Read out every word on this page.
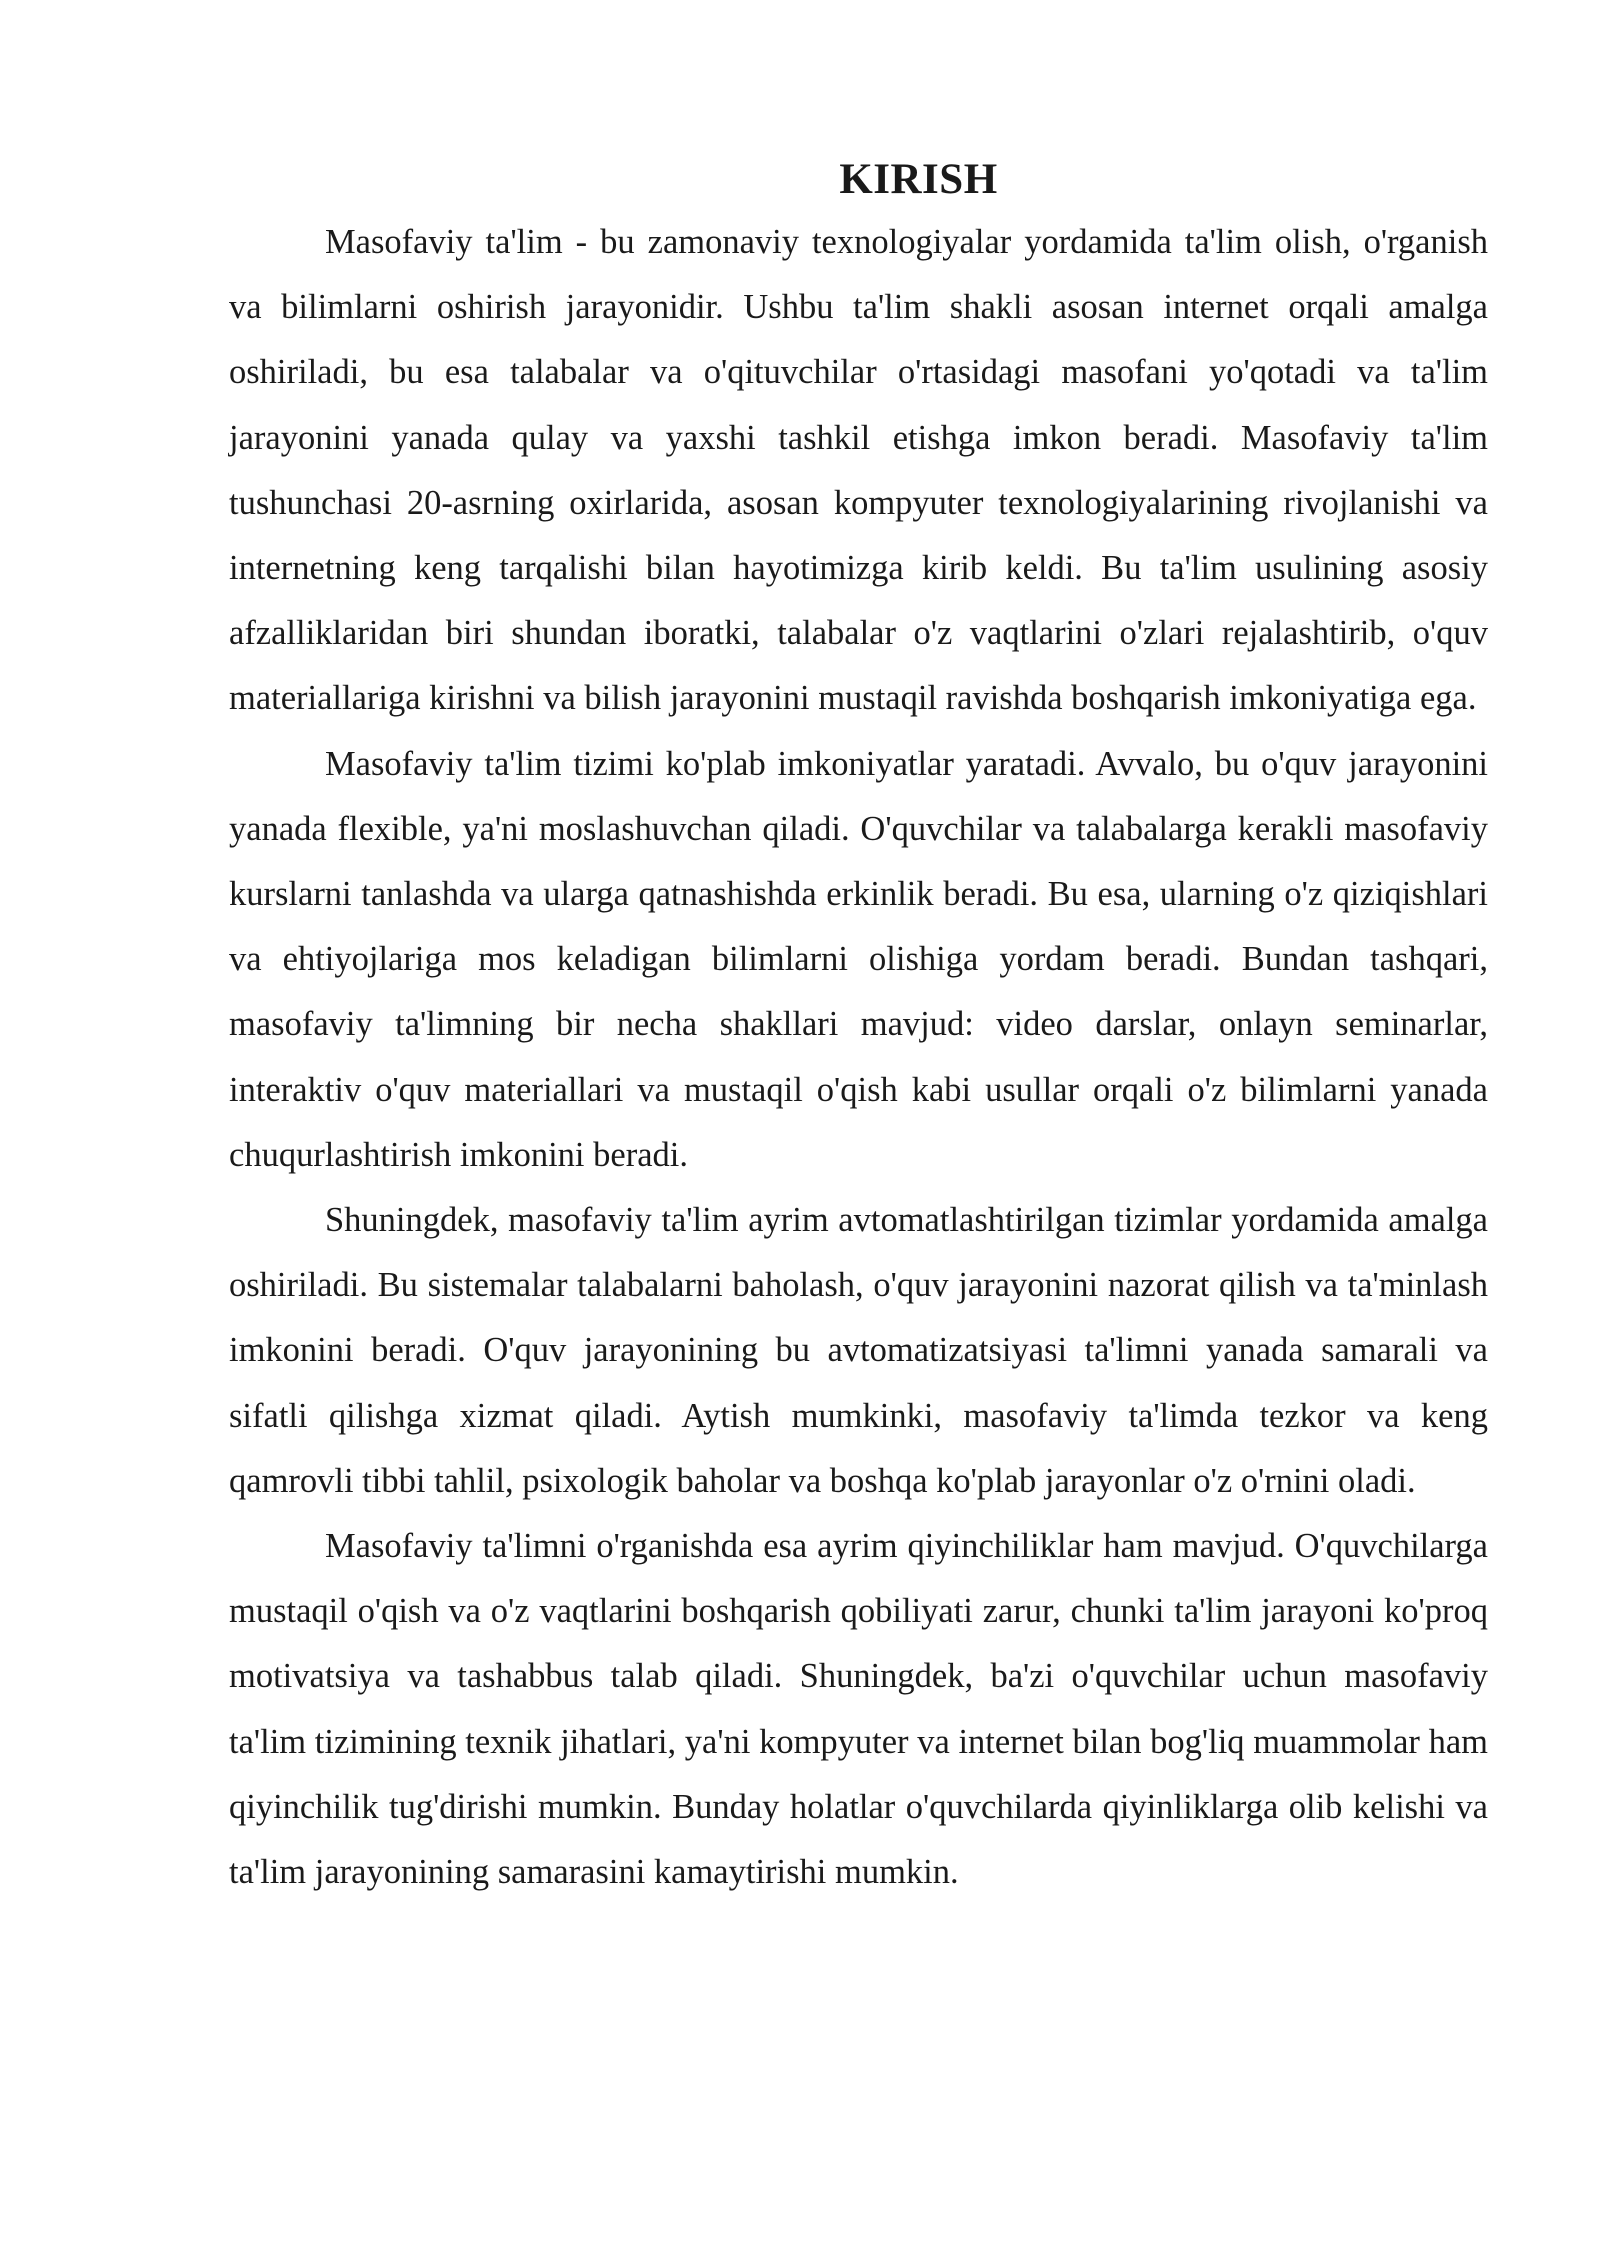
KIRISH

Masofaviy ta'lim - bu zamonaviy texnologiyalar yordamida ta'lim olish, o'rganish va bilimlarni oshirish jarayonidir. Ushbu ta'lim shakli asosan internet orqali amalga oshiriladi, bu esa talabalar va o'qituvchilar o'rtasidagi masofani yo'qotadi va ta'lim jarayonini yanada qulay va yaxshi tashkil etishga imkon beradi. Masofaviy ta'lim tushunchasi 20-asrning oxirlarida, asosan kompyuter texnologiyalarining rivojlanishi va internetning keng tarqalishi bilan hayotimizga kirib keldi. Bu ta'lim usulining asosiy afzalliklaridan biri shundan iboratki, talabalar o'z vaqtlarini o'zlari rejalashtirib, o'quv materiallariga kirishni va bilish jarayonini mustaqil ravishda boshqarish imkoniyatiga ega.

Masofaviy ta'lim tizimi ko'plab imkoniyatlar yaratadi. Avvalo, bu o'quv jarayonini yanada flexible, ya'ni moslashuvchan qiladi. O'quvchilar va talabalarga kerakli masofaviy kurslarni tanlashda va ularga qatnashishda erkinlik beradi. Bu esa, ularning o'z qiziqishlari va ehtiyojlariga mos keladigan bilimlarni olishiga yordam beradi. Bundan tashqari, masofaviy ta'limning bir necha shakllari mavjud: video darslar, onlayn seminarlar, interaktiv o'quv materiallari va mustaqil o'qish kabi usullar orqali o'z bilimlarni yanada chuqurlashtirish imkonini beradi.

Shuningdek, masofaviy ta'lim ayrim avtomatlashtirilgan tizimlar yordamida amalga oshiriladi. Bu sistemalar talabalarni baholash, o'quv jarayonini nazorat qilish va ta'minlash imkonini beradi. O'quv jarayonining bu avtomatizatsiyasi ta'limni yanada samarali va sifatli qilishga xizmat qiladi. Aytish mumkinki, masofaviy ta'limda tezkor va keng qamrovli tibbi tahlil, psixologik baholar va boshqa ko'plab jarayonlar o'z o'rnini oladi.

Masofaviy ta'limni o'rganishda esa ayrim qiyinchiliklar ham mavjud. O'quvchilarga mustaqil o'qish va o'z vaqtlarini boshqarish qobiliyati zarur, chunki ta'lim jarayoni ko'proq motivatsiya va tashabbus talab qiladi. Shuningdek, ba'zi o'quvchilar uchun masofaviy ta'lim tizimining texnik jihatlari, ya'ni kompyuter va internet bilan bog'liq muammolar ham qiyinchilik tug'dirishi mumkin. Bunday holatlar o'quvchilarda qiyinliklarga olib kelishi va ta'lim jarayonining samarasini kamaytirishi mumkin.
